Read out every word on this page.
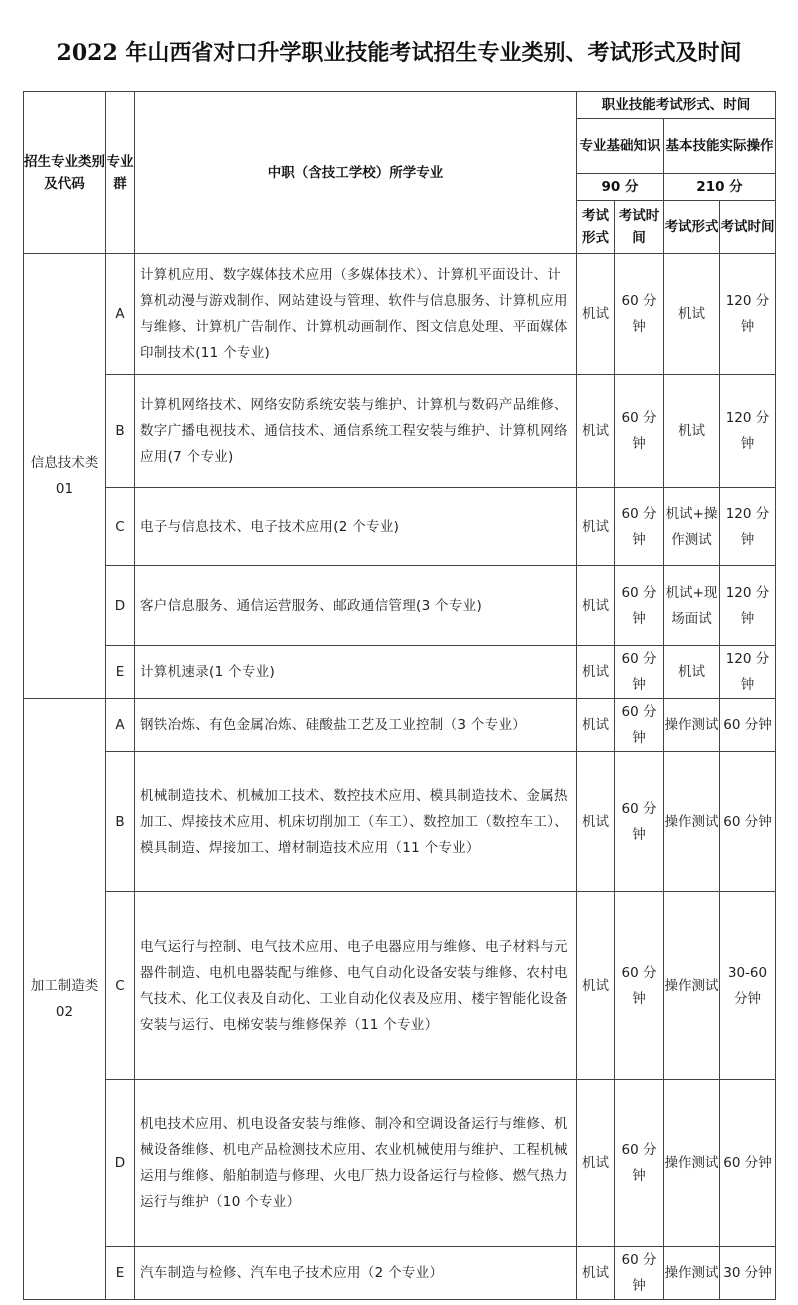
2022 年山西省对口升学职业技能考试招生专业类别、考试形式及时间
招生专业类别及代码	专业群	中职（含技工学校）所学专业	职业技能考试形式、时间			
			专业基础知识		基本技能实际操作	
			90 分		210 分	
			考试形式	考试时间	考试形式	考试时间
信息技术类 01	A	计算机应用、数字媒体技术应用（多媒体技术）、计算机平面设计、计算机动漫与游戏制作、网站建设与管理、软件与信息服务、计算机应用与维修、计算机广告制作、计算机动画制作、图文信息处理、平面媒体印制技术(11 个专业)	机试	60 分钟	机试	120 分钟
	B	计算机网络技术、网络安防系统安装与维护、计算机与数码产品维修、数字广播电视技术、通信技术、通信系统工程安装与维护、计算机网络应用(7 个专业)	机试	60 分钟	机试	120 分钟
	C	电子与信息技术、电子技术应用(2 个专业)	机试	60 分钟	机试+操作测试	120 分钟
	D	客户信息服务、通信运营服务、邮政通信管理(3 个专业)	机试	60 分钟	机试+现场面试	120 分钟
	E	计算机速录(1 个专业)	机试	60 分钟	机试	120 分钟
加工制造类 02	A	钢铁冶炼、有色金属冶炼、硅酸盐工艺及工业控制（3 个专业）	机试	60 分钟	操作测试	60 分钟
	B	机械制造技术、机械加工技术、数控技术应用、模具制造技术、金属热加工、焊接技术应用、机床切削加工（车工）、数控加工（数控车工）、模具制造、焊接加工、增材制造技术应用（11 个专业）	机试	60 分钟	操作测试	60 分钟
	C	电气运行与控制、电气技术应用、电子电器应用与维修、电子材料与元器件制造、电机电器装配与维修、电气自动化设备安装与维修、农村电气技术、化工仪表及自动化、工业自动化仪表及应用、楼宇智能化设备安装与运行、电梯安装与维修保养（11 个专业）	机试	60 分钟	操作测试	30-60 分钟
	D	机电技术应用、机电设备安装与维修、制冷和空调设备运行与维修、机械设备维修、机电产品检测技术应用、农业机械使用与维护、工程机械运用与维修、船舶制造与修理、火电厂热力设备运行与检修、燃气热力运行与维护（10 个专业）	机试	60 分钟	操作测试	60 分钟
	E	汽车制造与检修、汽车电子技术应用（2 个专业）	机试	60 分钟	操作测试	30 分钟
